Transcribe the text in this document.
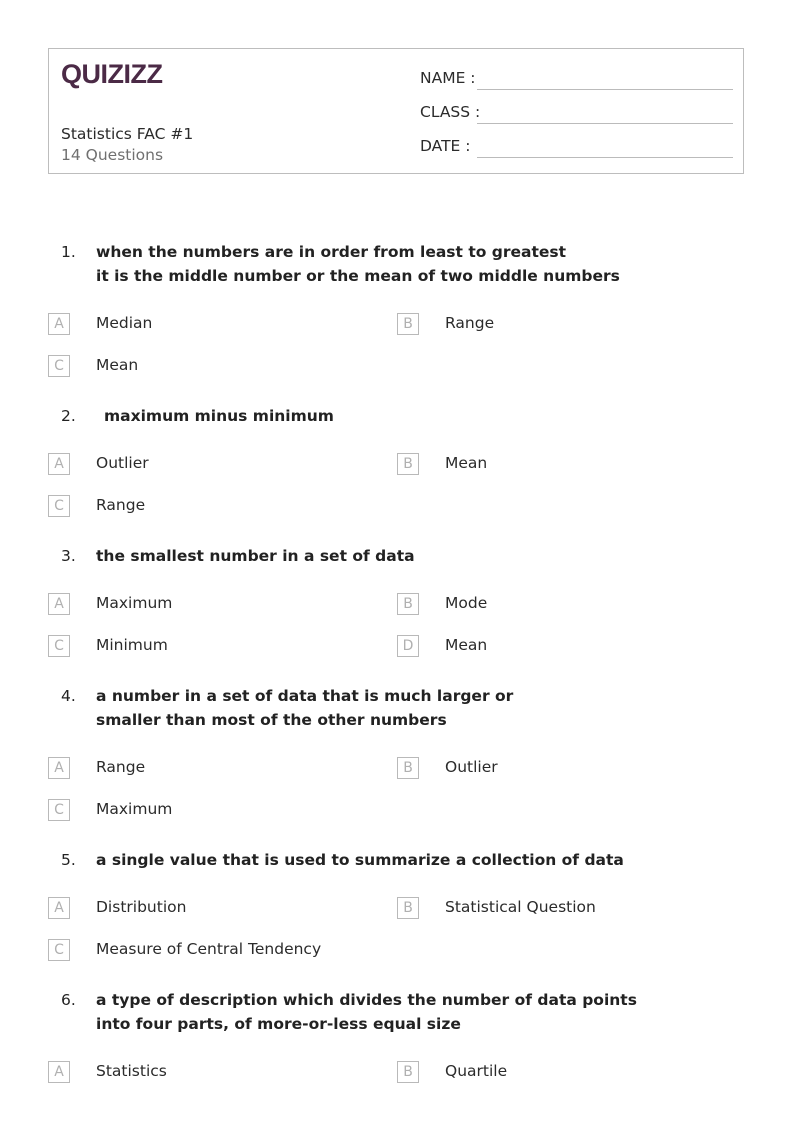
QUIZIZZ
Statistics FAC #1
14 Questions
NAME :
CLASS :
DATE :
1. when the numbers are in order from least to greatest
it is the middle number or the mean of two middle numbers
A	Median	B	Range
C	Mean
2. maximum minus minimum
A	Outlier	B	Mean
C	Range
3. the smallest number in a set of data
A	Maximum	B	Mode
C	Minimum	D	Mean
4. a number in a set of data that is much larger or
smaller than most of the other numbers
A	Range	B	Outlier
C	Maximum
5. a single value that is used to summarize a collection of data
A	Distribution	B	Statistical Question
C	Measure of Central Tendency
6. a type of description which divides the number of data points
into four parts, of more-or-less equal size
A	Statistics	B	Quartile
